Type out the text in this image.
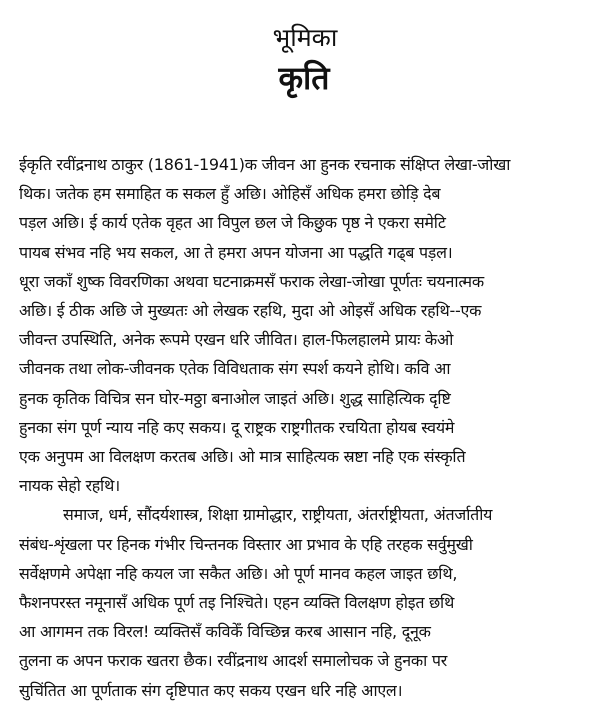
भूमिका
कृति
ईकृति रवींद्रनाथ ठाकुर (1861-1941)क जीवन आ हुनक रचनाक संक्षिप्त लेखा-जोखा
थिक। जतेक हम समाहित क सकल हुँ अछि। ओहिसँ अधिक हमरा छोड़ि देब
पड़ल अछि। ई कार्य एतेक वृहत आ विपुल छल जे किछुक पृष्ठ ने एकरा समेटि
पायब संभव नहि भय सकल, आ ते हमरा अपन योजना आ पद्धति गढ्ब पड़ल।
धूरा जकाँ शुष्क विवरणिका अथवा घटनाक्रमसँ फराक लेखा-जोखा पूर्णतः चयनात्मक
अछि। ई ठीक अछि जे मुख्यतः ओ लेखक रहथि, मुदा ओ ओइसँ अधिक रहथि--एक
जीवन्त उपस्थिति, अनेक रूपमे एखन धरि जीवित। हाल-फिलहालमे प्रायः केओ
जीवनक तथा लोक-जीवनक एतेक विविधताक संग स्पर्श कयने होथि। कवि आ
हुनक कृतिक विचित्र सन घोर-मठ्ठा बनाओल जाइतं अछि। शुद्ध साहित्यिक दृष्टि
हुनका संग पूर्ण न्याय नहि कए सकय। दू राष्ट्रक राष्ट्रगीतक रचयिता होयब स्वयंमे
एक अनुपम आ विलक्षण करतब अछि। ओ मात्र साहित्यक स्रष्टा नहि एक संस्कृति
नायक सेहो रहथि।
समाज, धर्म, सौंदर्यशास्त्र, शिक्षा ग्रामोद्धार, राष्ट्रीयता, अंतर्राष्ट्रीयता, अंतर्जातीय
संबंध-शृंखला पर हिनक गंभीर चिन्तनक विस्तार आ प्रभाव के एहि तरहक सर्वुमुखी
सर्वेक्षणमे अपेक्षा नहि कयल जा सकैत अछि। ओ पूर्ण मानव कहल जाइत छथि,
फैशनपरस्त नमूनासँ अधिक पूर्ण तइ निश्चिते। एहन व्यक्ति विलक्षण होइत छथि
आ आगमन तक विरल! व्यक्तिसँ कविकेँ विच्छिन्न करब आसान नहि, दूनूक
तुलना क अपन फराक खतरा छैक। रवींद्रनाथ आदर्श समालोचक जे हुनका पर
सुचिंतित आ पूर्णताक संग दृष्टिपात कए सकय एखन धरि नहि आएल।
